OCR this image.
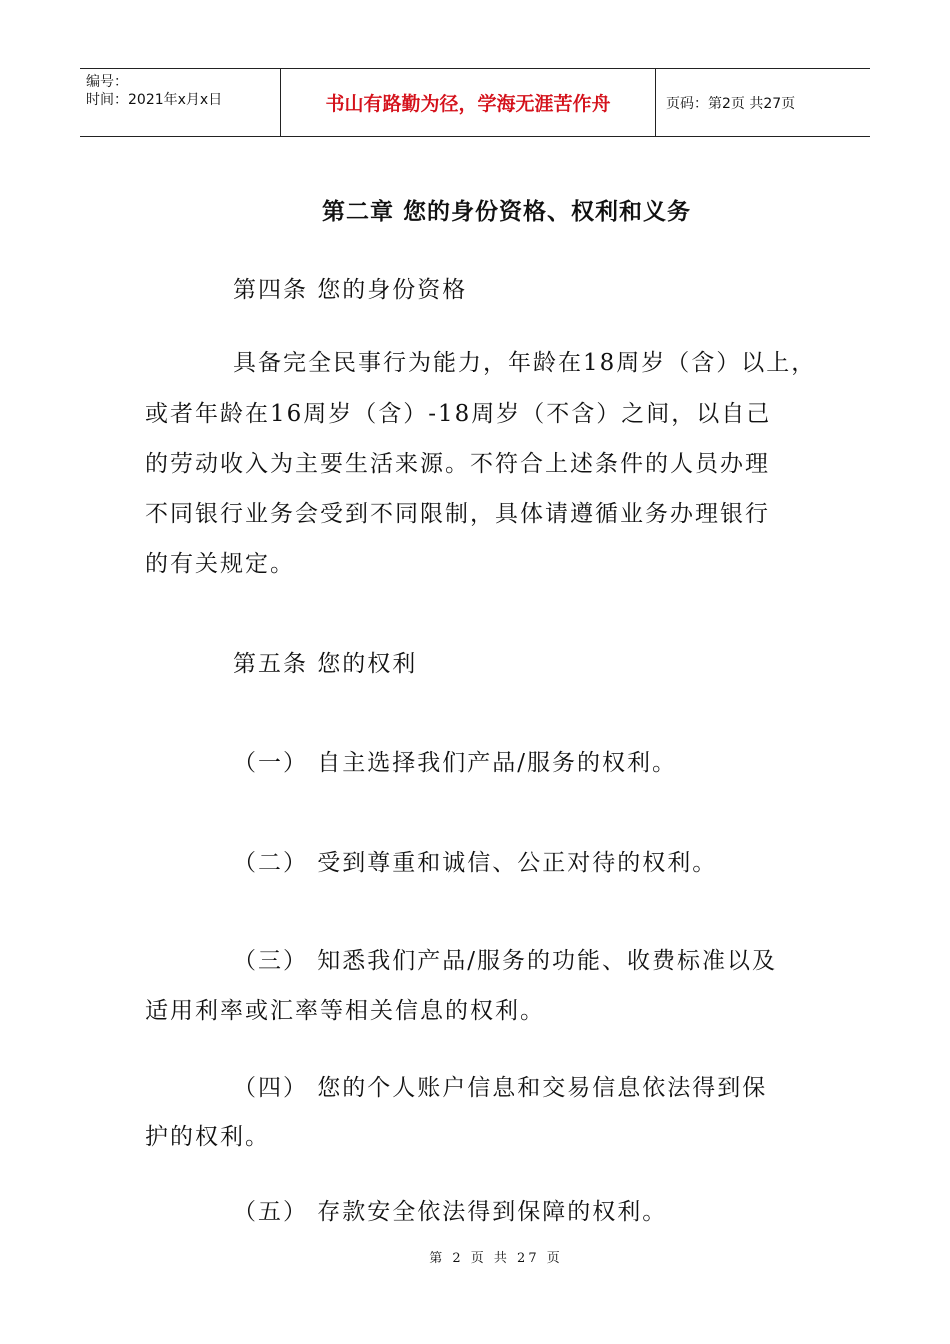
编号：
时间：2021年x月x日	书山有路勤为径，学海无涯苦作舟	页码：第2页 共27页
第二章 您的身份资格、权利和义务
第四条 您的身份资格
具备完全民事行为能力，年龄在18周岁（含）以上，
或者年龄在16周岁（含）-18周岁（不含）之间，以自己
的劳动收入为主要生活来源。不符合上述条件的人员办理
不同银行业务会受到不同限制，具体请遵循业务办理银行
的有关规定。
第五条 您的权利
（一） 自主选择我们产品/服务的权利。
（二） 受到尊重和诚信、公正对待的权利。
（三） 知悉我们产品/服务的功能、收费标准以及
适用利率或汇率等相关信息的权利。
（四） 您的个人账户信息和交易信息依法得到保
护的权利。
（五） 存款安全依法得到保障的权利。
第 2 页 共 27 页
